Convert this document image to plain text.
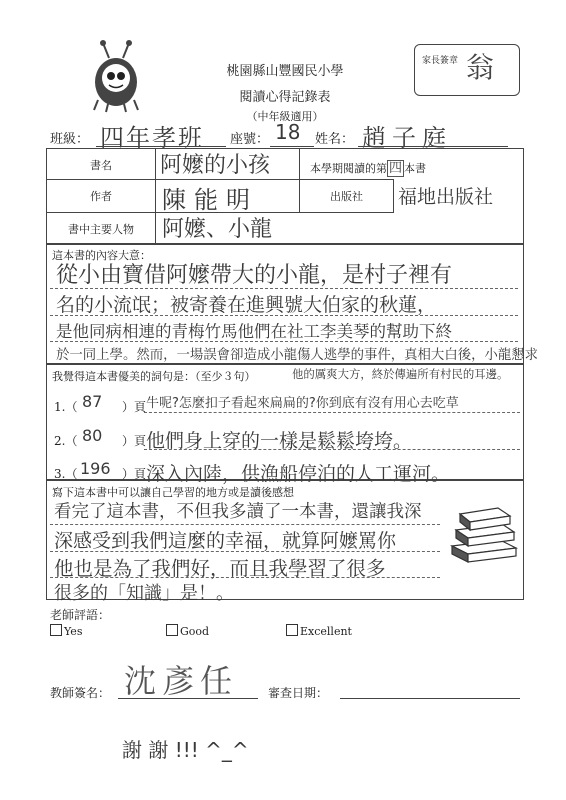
家長簽章 翁
桃園縣山豐國民小學
閱讀心得記錄表
（中年級適用）
班級： 四年孝班 座號： 18 姓名： 趙子庭
書名	阿嬤的小孩	本學期閱讀的第 四 本書
作者	陳能明	出版社	福地出版社
書中主要人物	阿嬤、小龍
這本書的內容大意：
從小由寶借阿嬤帶大的小龍，是村子裡有
名的小流氓；被寄養在進興號大伯家的秋蓮，
是他同病相連的青梅竹馬他們在社工李美琴的幫助下終
於一同上學。然而，一場誤會卻造成小龍傷人逃學的事件，真相大白後，小龍懇求
我覺得這本書優美的詞句是：（至少３句）	他的厲爽大方，終於傳遍所有村民的耳邊。
1.（ 87 ）頁 牛呢?怎麼扣子看起來扁扁的?你到底有沒有用心去吃草
2.（ 80 ）頁 他們身上穿的一樣是鬆鬆垮垮。
3.（ 196 ）頁 深入內陸，供漁船停泊的人工運河。
寫下這本書中可以讓自己學習的地方或是讀後感想
看完了這本書，不但我多讀了一本書，還讓我深
深感受到我們這麼的幸福，就算阿嬤罵你
他也是為了我們好，而且我學習了很多
很多的「知識」是！。
老師評語：
Yes	Good	Excellent
教師簽名： 沈彥任 審查日期：
謝 謝 !!! ^_^
